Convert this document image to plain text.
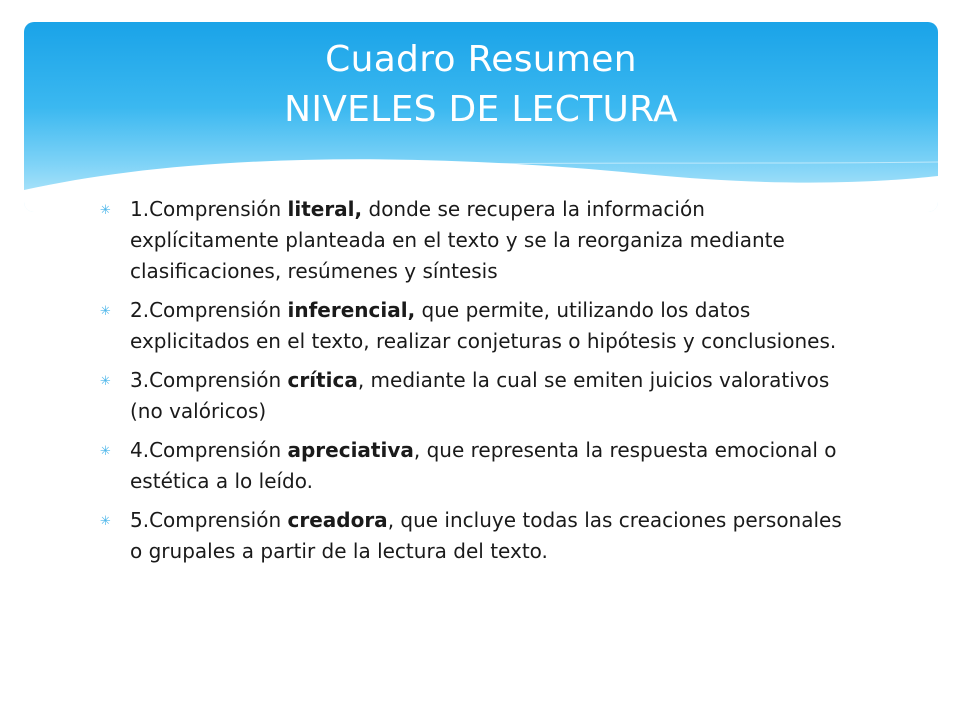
Cuadro Resumen
NIVELES DE LECTURA
✳ 1.Comprensión literal, donde se recupera la información explícitamente planteada en el texto y se la reorganiza mediante clasificaciones, resúmenes y síntesis
✳ 2.Comprensión inferencial, que permite, utilizando los datos explicitados en el texto, realizar conjeturas o hipótesis y conclusiones.
✳ 3.Comprensión crítica, mediante la cual se emiten juicios valorativos (no valóricos)
✳ 4.Comprensión apreciativa, que representa la respuesta emocional o estética a lo leído.
✳ 5.Comprensión creadora, que incluye todas las creaciones personales o grupales a partir de la lectura del texto.
